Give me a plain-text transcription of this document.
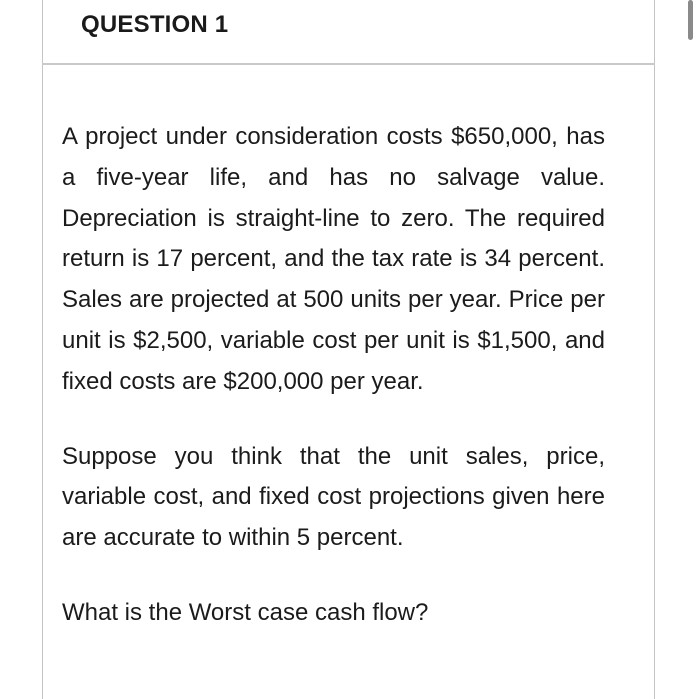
QUESTION 1

A project under consideration costs $650,000, has a five-year life, and has no salvage value. Depreciation is straight-line to zero. The required return is 17 percent, and the tax rate is 34 percent. Sales are projected at 500 units per year. Price per unit is $2,500, variable cost per unit is $1,500, and fixed costs are $200,000 per year.

Suppose you think that the unit sales, price, variable cost, and fixed cost projections given here are accurate to within 5 percent.

What is the Worst case cash flow?
